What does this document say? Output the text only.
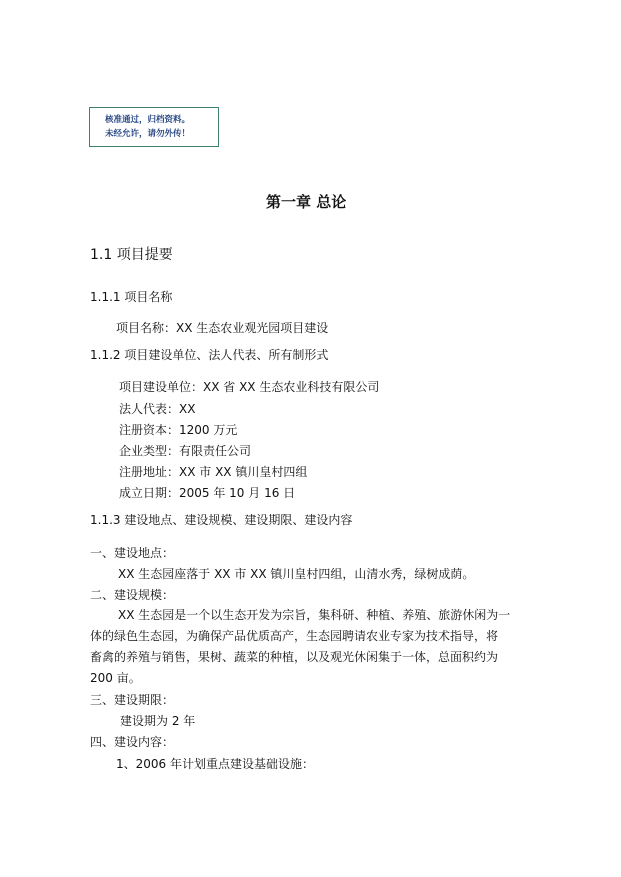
核准通过，归档资料。
未经允许，请勿外传！
第一章 总论
1.1 项目提要
1.1.1 项目名称
项目名称：XX 生态农业观光园项目建设
1.1.2 项目建设单位、法人代表、所有制形式
项目建设单位：XX 省 XX 生态农业科技有限公司
法人代表：XX
注册资本：1200 万元
企业类型：有限责任公司
注册地址：XX 市 XX 镇川皇村四组
成立日期：2005 年 10 月 16 日
1.1.3 建设地点、建设规模、建设期限、建设内容
一、建设地点：
XX 生态园座落于 XX 市 XX 镇川皇村四组，山清水秀，绿树成荫。
二、建设规模：
XX 生态园是一个以生态开发为宗旨，集科研、种植、养殖、旅游休闲为一
体的绿色生态园，为确保产品优质高产，生态园聘请农业专家为技术指导，将
畜禽的养殖与销售，果树、蔬菜的种植，以及观光休闲集于一体，总面积约为
200 亩。
三、建设期限：
建设期为 2 年
四、建设内容：
1、2006 年计划重点建设基础设施：
